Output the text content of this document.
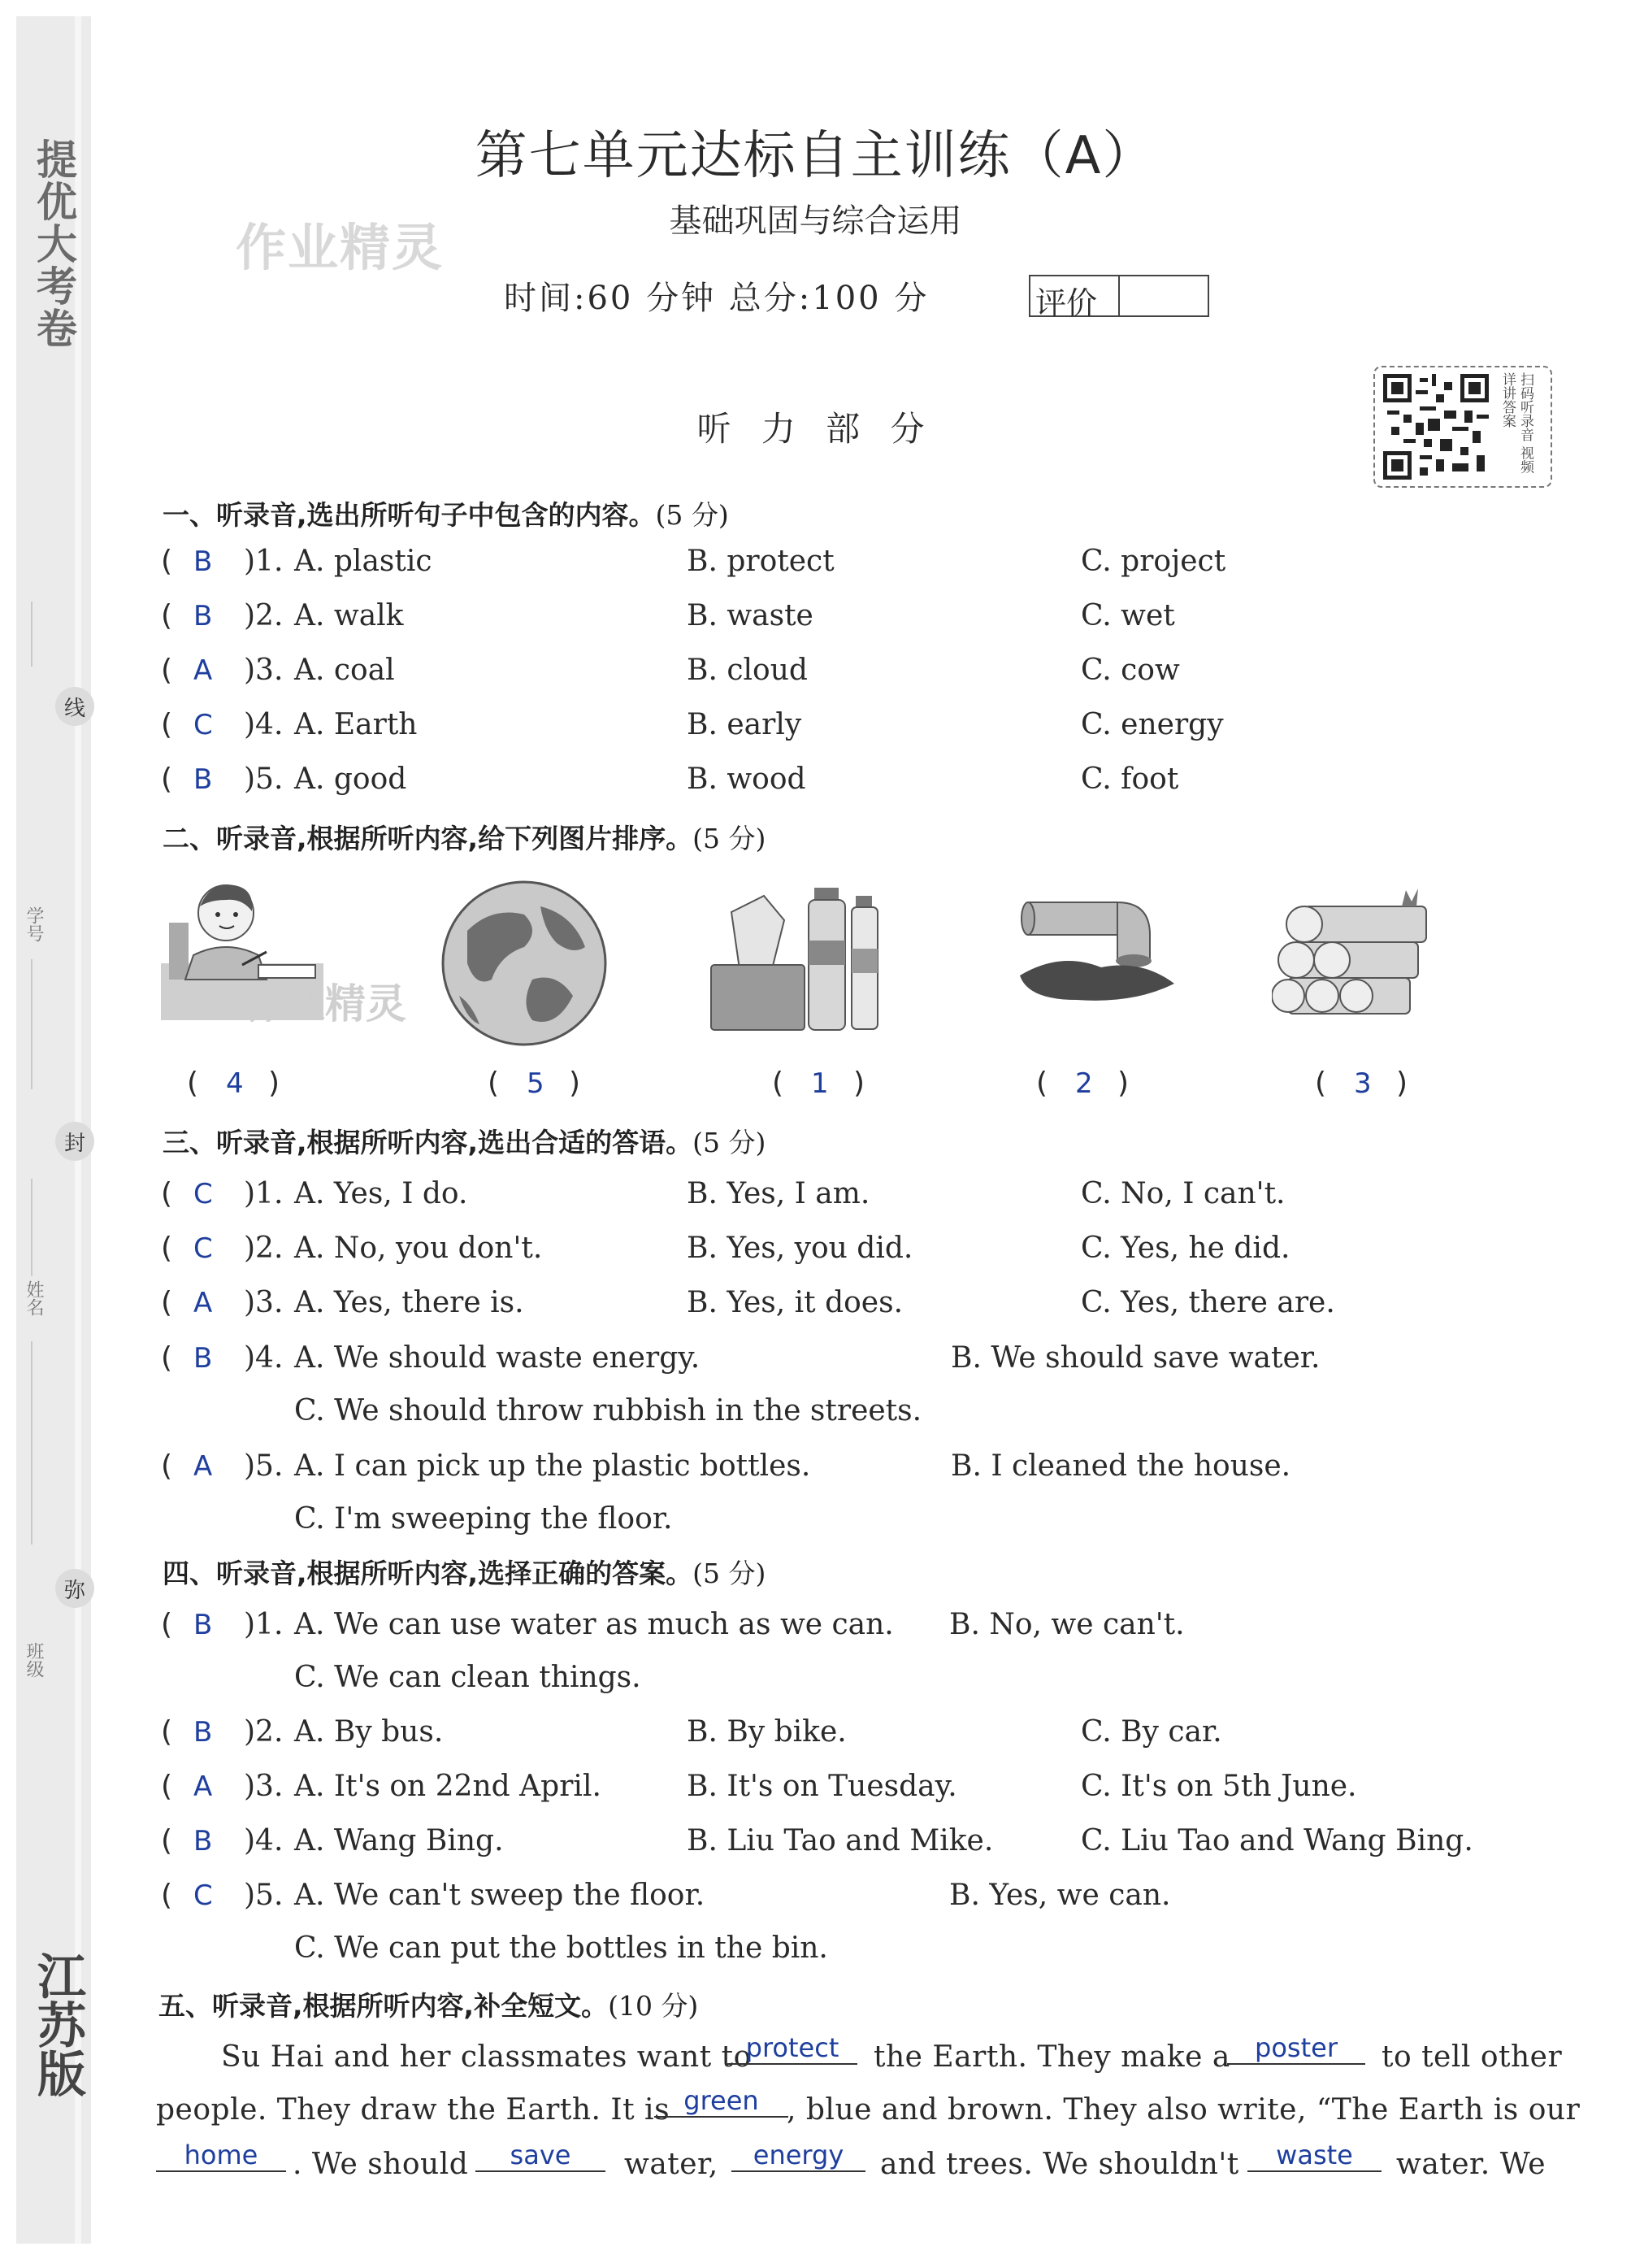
提优大考卷
江苏版
线
学号
封
姓名
弥
班级
第七单元达标自主训练（A）
作业精灵	基础巩固与综合运用
时间:60 分钟 总分:100 分	评价
扫码听录音 视频详讲答案
听 力 部 分
一、听录音,选出所听句子中包含的内容。(5 分)
( B )1. A. plastic	B. protect	C. project
( B )2. A. walk	B. waste	C. wet
( A )3. A. coal	B. cloud	C. cow
( C )4. A. Earth	B. early	C. energy
( B )5. A. good	B. wood	C. foot
二、听录音,根据所听内容,给下列图片排序。(5 分)
作业精灵
( 4 )	( 5 )	( 1 )	( 2 )	( 3 )
三、听录音,根据所听内容,选出合适的答语。(5 分)
( C )1. A. Yes, I do.	B. Yes, I am.	C. No, I can't.
( C )2. A. No, you don't.	B. Yes, you did.	C. Yes, he did.
( A )3. A. Yes, there is.	B. Yes, it does.	C. Yes, there are.
( B )4. A. We should waste energy.	B. We should save water.
C. We should throw rubbish in the streets.
( A )5. A. I can pick up the plastic bottles.	B. I cleaned the house.
C. I'm sweeping the floor.
四、听录音,根据所听内容,选择正确的答案。(5 分)
( B )1. A. We can use water as much as we can. B. No, we can't.
C. We can clean things.
( B )2. A. By bus.	B. By bike.	C. By car.
( A )3. A. It's on 22nd April.	B. It's on Tuesday.	C. It's on 5th June.
( B )4. A. Wang Bing.	B. Liu Tao and Mike.	C. Liu Tao and Wang Bing.
( C )5. A. We can't sweep the floor.	B. Yes, we can.
C. We can put the bottles in the bin.
五、听录音,根据所听内容,补全短文。(10 分)
Su Hai and her classmates want to
protect	the Earth. They make a poster	to tell other
people. They draw the Earth. It is green , blue and brown. They also write, “The Earth is our
home	. We should	save	water,	energy	and trees. We shouldn't	waste	water. We
